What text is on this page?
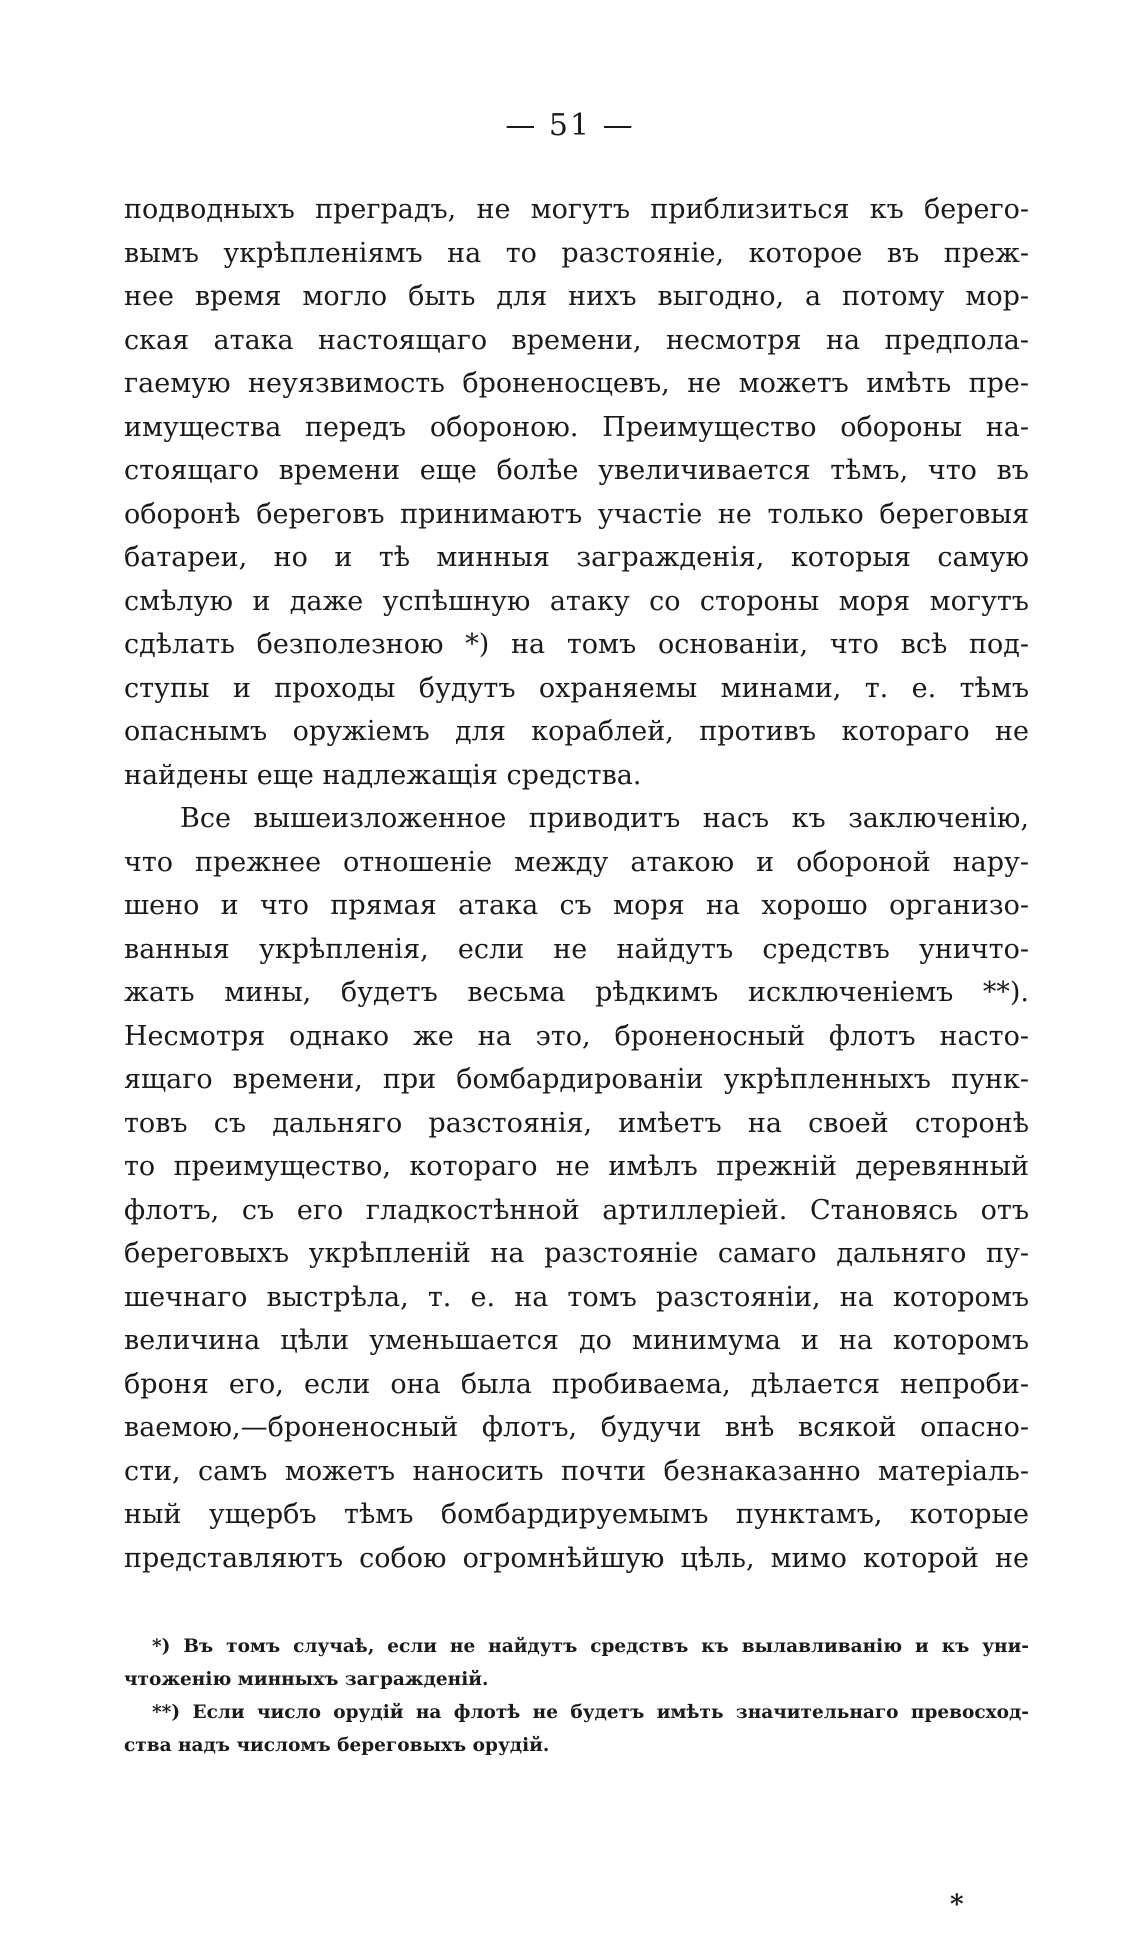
— 51 —
подводныхъ преградъ, не могутъ приблизиться къ берего-
вымъ укрѣпленіямъ на то разстояніе, которое въ преж-
нее время могло быть для нихъ выгодно, а потому мор-
ская атака настоящаго времени, несмотря на предпола-
гаемую неуязвимость броненосцевъ, не можетъ имѣть пре-
имущества передъ обороною. Преимущество обороны на-
стоящаго времени еще болѣе увеличивается тѣмъ, что въ
оборонѣ береговъ принимаютъ участіе не только береговыя
батареи, но и тѣ минныя загражденія, которыя самую
смѣлую и даже успѣшную атаку со стороны моря могутъ
сдѣлать безполезною *) на томъ основаніи, что всѣ под-
ступы и проходы будутъ охраняемы минами, т. е. тѣмъ
опаснымъ оружіемъ для кораблей, противъ котораго не
найдены еще надлежащія средства.
Все вышеизложенное приводитъ насъ къ заключенію,
что прежнее отношеніе между атакою и обороной нару-
шено и что прямая атака съ моря на хорошо организо-
ванныя укрѣпленія, если не найдутъ средствъ уничто-
жать мины, будетъ весьма рѣдкимъ исключеніемъ **).
Несмотря однако же на это, броненосный флотъ насто-
ящаго времени, при бомбардированіи укрѣпленныхъ пунк-
товъ съ дальняго разстоянія, имѣетъ на своей сторонѣ
то преимущество, котораго не имѣлъ прежній деревянный
флотъ, съ его гладкостѣнной артиллеріей. Становясь отъ
береговыхъ укрѣпленій на разстояніе самаго дальняго пу-
шечнаго выстрѣла, т. е. на томъ разстояніи, на которомъ
величина цѣли уменьшается до минимума и на которомъ
броня его, если она была пробиваема, дѣлается непроби-
ваемою,—броненосный флотъ, будучи внѣ всякой опасно-
сти, самъ можетъ наносить почти безнаказанно матеріаль-
ный ущербъ тѣмъ бомбардируемымъ пунктамъ, которые
представляютъ собою огромнѣйшую цѣль, мимо которой не
*) Въ томъ случаѣ, если не найдутъ средствъ къ вылавливанію и къ уни-
чтоженію минныхъ загражденій.
**) Если число орудій на флотѣ не будетъ имѣть значительнаго превосход-
ства надъ числомъ береговыхъ орудій.
*
